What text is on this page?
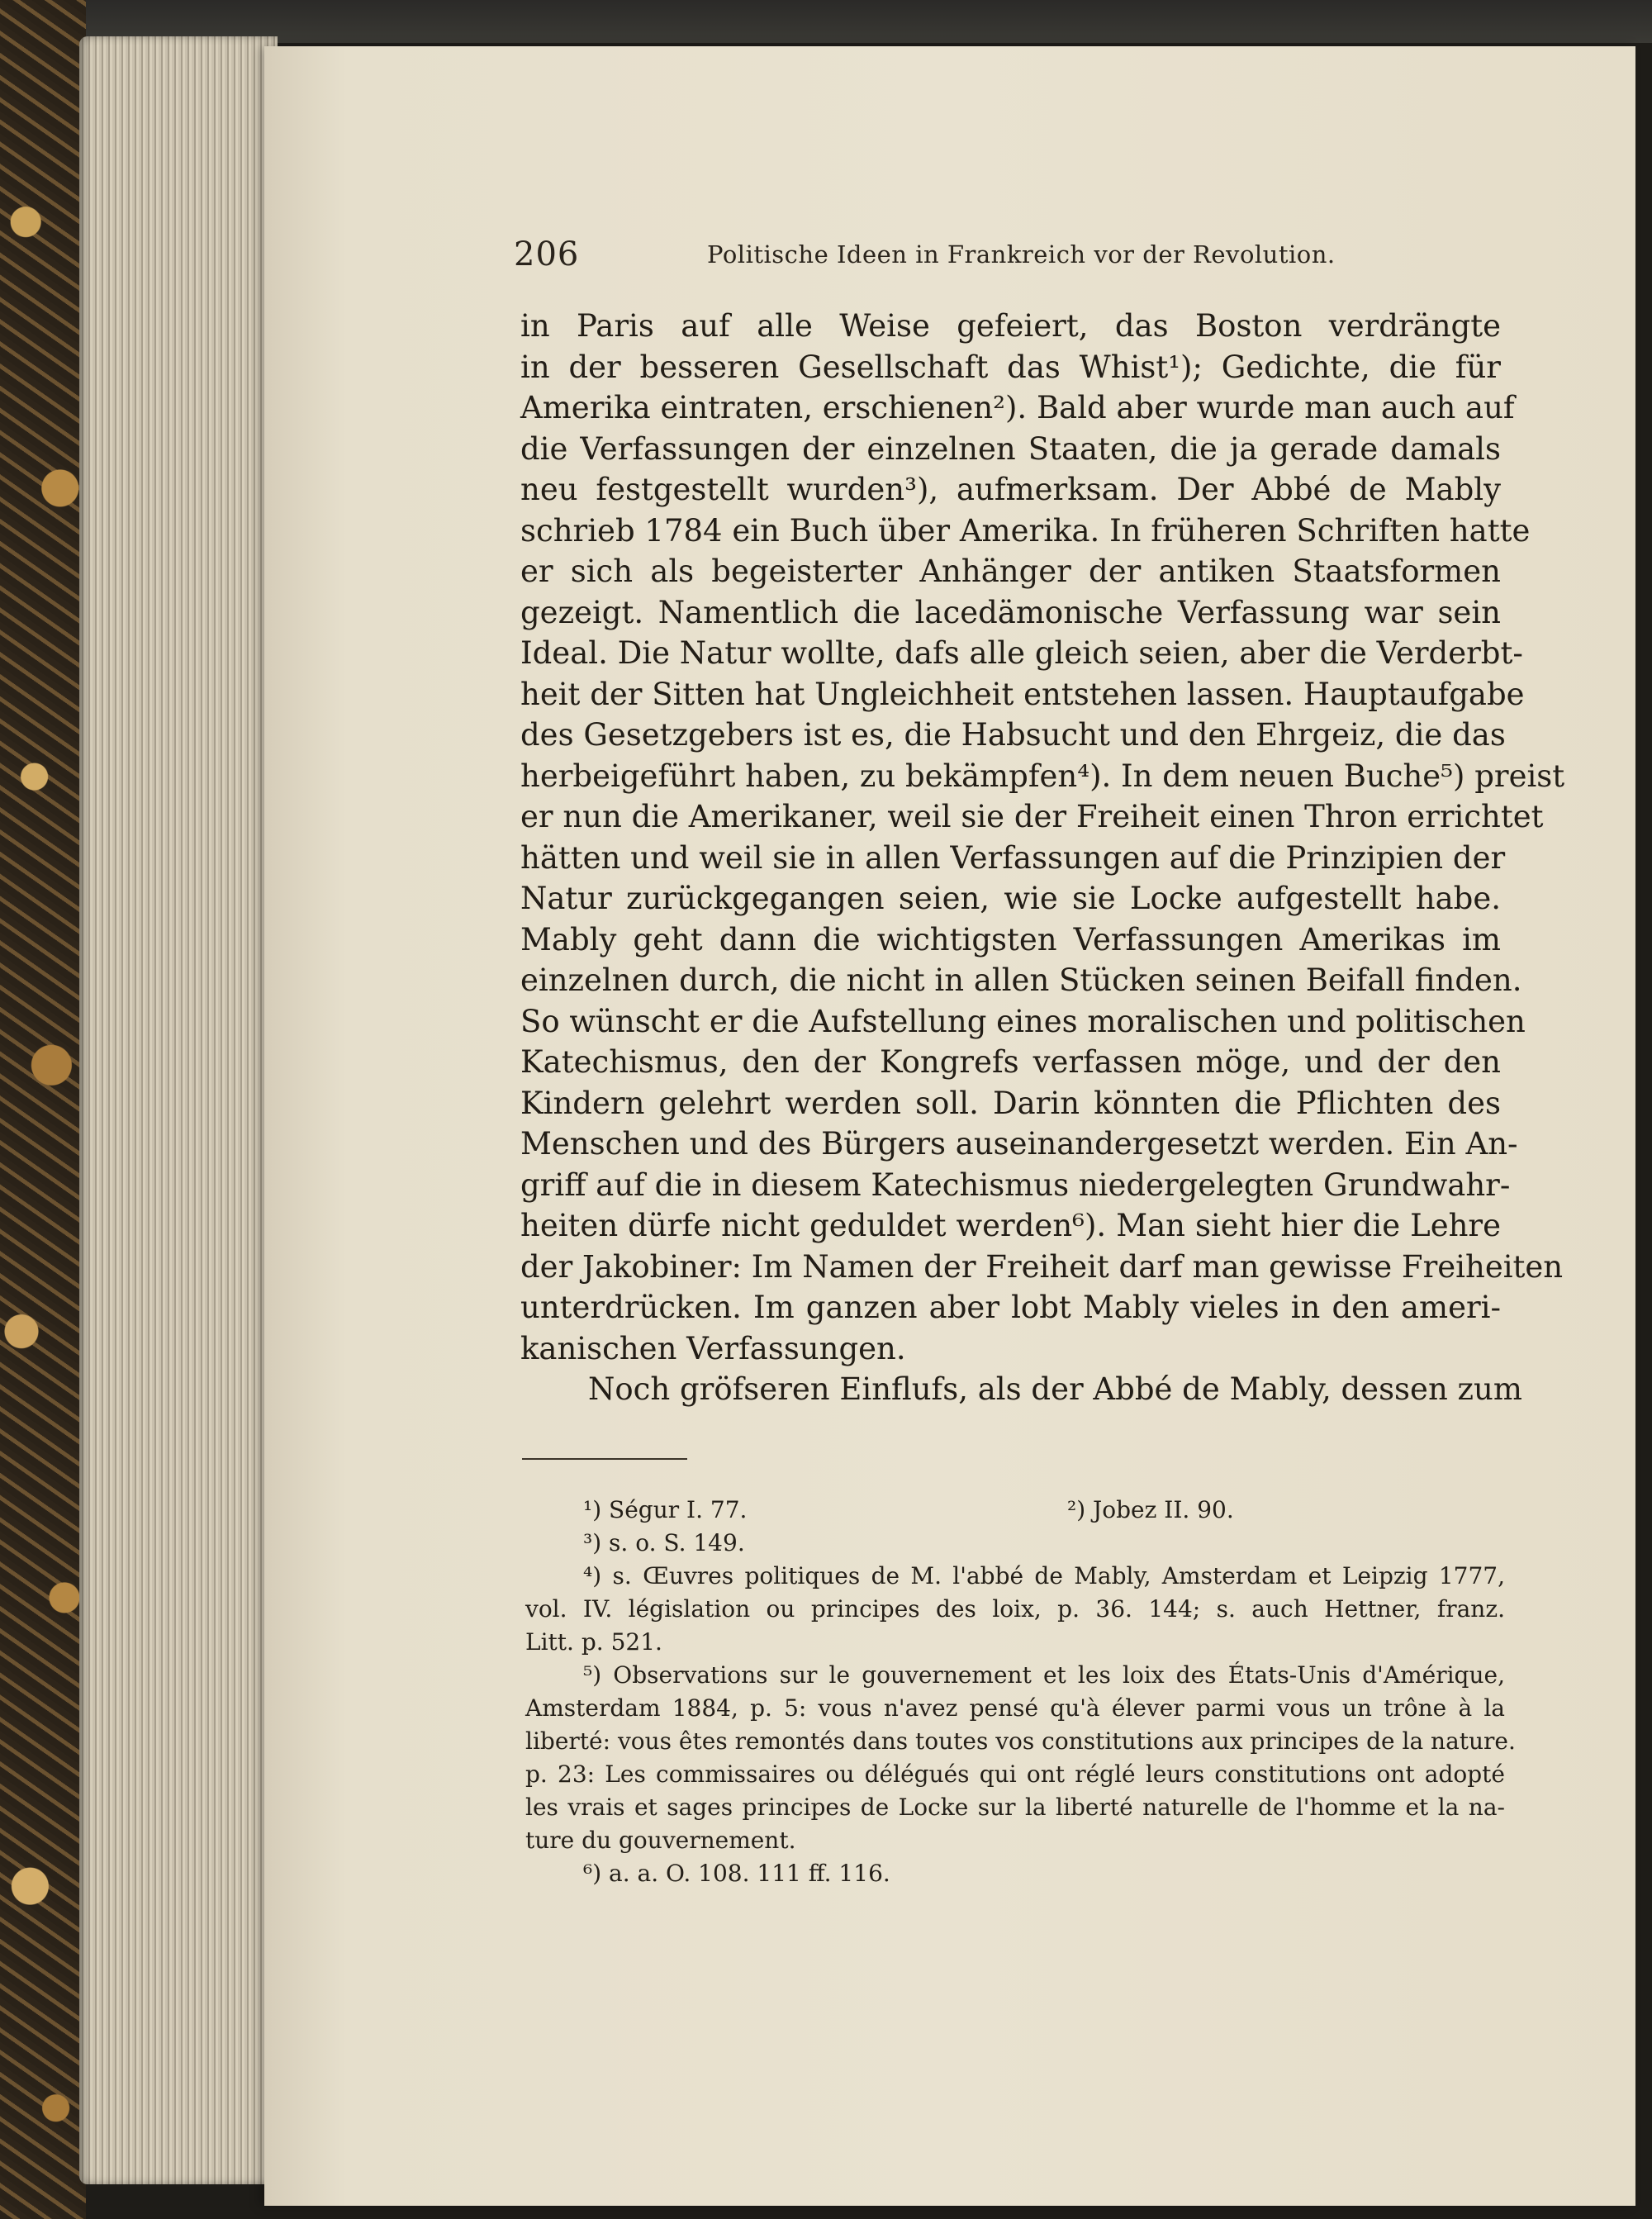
206	Politische Ideen in Frankreich vor der Revolution.
in Paris auf alle Weise gefeiert, das Boston verdrängte
in der besseren Gesellschaft das Whist¹); Gedichte, die für
Amerika eintraten, erschienen²). Bald aber wurde man auch auf
die Verfassungen der einzelnen Staaten, die ja gerade damals
neu festgestellt wurden³), aufmerksam. Der Abbé de Mably
schrieb 1784 ein Buch über Amerika. In früheren Schriften hatte
er sich als begeisterter Anhänger der antiken Staatsformen
gezeigt. Namentlich die lacedämonische Verfassung war sein
Ideal. Die Natur wollte, dafs alle gleich seien, aber die Verderbt-
heit der Sitten hat Ungleichheit entstehen lassen. Hauptaufgabe
des Gesetzgebers ist es, die Habsucht und den Ehrgeiz, die das
herbeigeführt haben, zu bekämpfen⁴). In dem neuen Buche⁵) preist
er nun die Amerikaner, weil sie der Freiheit einen Thron errichtet
hätten und weil sie in allen Verfassungen auf die Prinzipien der
Natur zurückgegangen seien, wie sie Locke aufgestellt habe.
Mably geht dann die wichtigsten Verfassungen Amerikas im
einzelnen durch, die nicht in allen Stücken seinen Beifall finden.
So wünscht er die Aufstellung eines moralischen und politischen
Katechismus, den der Kongrefs verfassen möge, und der den
Kindern gelehrt werden soll. Darin könnten die Pflichten des
Menschen und des Bürgers auseinandergesetzt werden. Ein An-
griff auf die in diesem Katechismus niedergelegten Grundwahr-
heiten dürfe nicht geduldet werden⁶). Man sieht hier die Lehre
der Jakobiner: Im Namen der Freiheit darf man gewisse Freiheiten
unterdrücken. Im ganzen aber lobt Mably vieles in den ameri-
kanischen Verfassungen.
Noch gröfseren Einflufs, als der Abbé de Mably, dessen zum
¹) Ségur I. 77.	²) Jobez II. 90.
³) s. o. S. 149.
⁴) s. Œuvres politiques de M. l'abbé de Mably, Amsterdam et Leipzig 1777,
vol. IV. législation ou principes des loix, p. 36. 144; s. auch Hettner, franz.
Litt. p. 521.
⁵) Observations sur le gouvernement et les loix des États-Unis d'Amérique,
Amsterdam 1884, p. 5: vous n'avez pensé qu'à élever parmi vous un trône à la
liberté: vous êtes remontés dans toutes vos constitutions aux principes de la nature.
p. 23: Les commissaires ou délégués qui ont réglé leurs constitutions ont adopté
les vrais et sages principes de Locke sur la liberté naturelle de l'homme et la na-
ture du gouvernement.
⁶) a. a. O. 108. 111 ff. 116.
